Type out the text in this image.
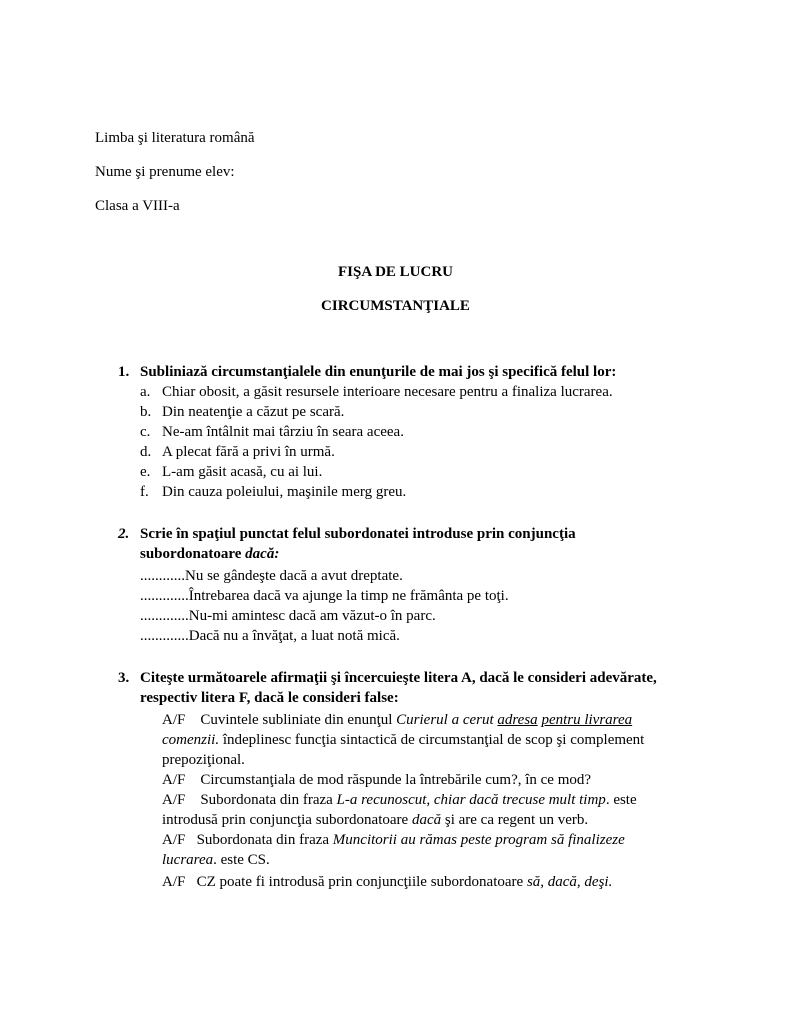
Limba şi literatura română
Nume şi prenume elev:
Clasa a VIII-a
FIŞA DE LUCRU
CIRCUMSTANŢIALE
1. Subliniază circumstanţialele din enunţurile de mai jos şi specifică felul lor:
a. Chiar obosit, a găsit resursele interioare necesare pentru a finaliza lucrarea.
b. Din neatenţie a căzut pe scară.
c. Ne-am întâlnit mai târziu în seara aceea.
d. A plecat fără a privi în urmă.
e. L-am găsit acasă, cu ai lui.
f. Din cauza poleiului, maşinile merg greu.
2. Scrie în spaţiul punctat felul subordonatei introduse prin conjuncţia
subordonatoare dacă:
............Nu se gândeşte dacă a avut dreptate.
.............Întrebarea dacă va ajunge la timp ne frământa pe toţi.
.............Nu-mi amintesc dacă am văzut-o în parc.
.............Dacă nu a învăţat, a luat notă mică.
3. Citeşte următoarele afirmaţii şi încercuieşte litera A, dacă le consideri adevărate,
respectiv litera F, dacă le consideri false:
A/F Cuvintele subliniate din enunţul Curierul a cerut adresa pentru livrarea
comenzii. îndeplinesc funcţia sintactică de circumstanţial de scop şi complement
prepoziţional.
A/F Circumstanţiala de mod răspunde la întrebările cum?, în ce mod?
A/F Subordonata din fraza L-a recunoscut, chiar dacă trecuse mult timp. este
introdusă prin conjuncţia subordonatoare dacă şi are ca regent un verb.
A/F Subordonata din fraza Muncitorii au rămas peste program să finalizeze
lucrarea. este CS.
A/F CZ poate fi introdusă prin conjuncţiile subordonatoare să, dacă, deşi.
